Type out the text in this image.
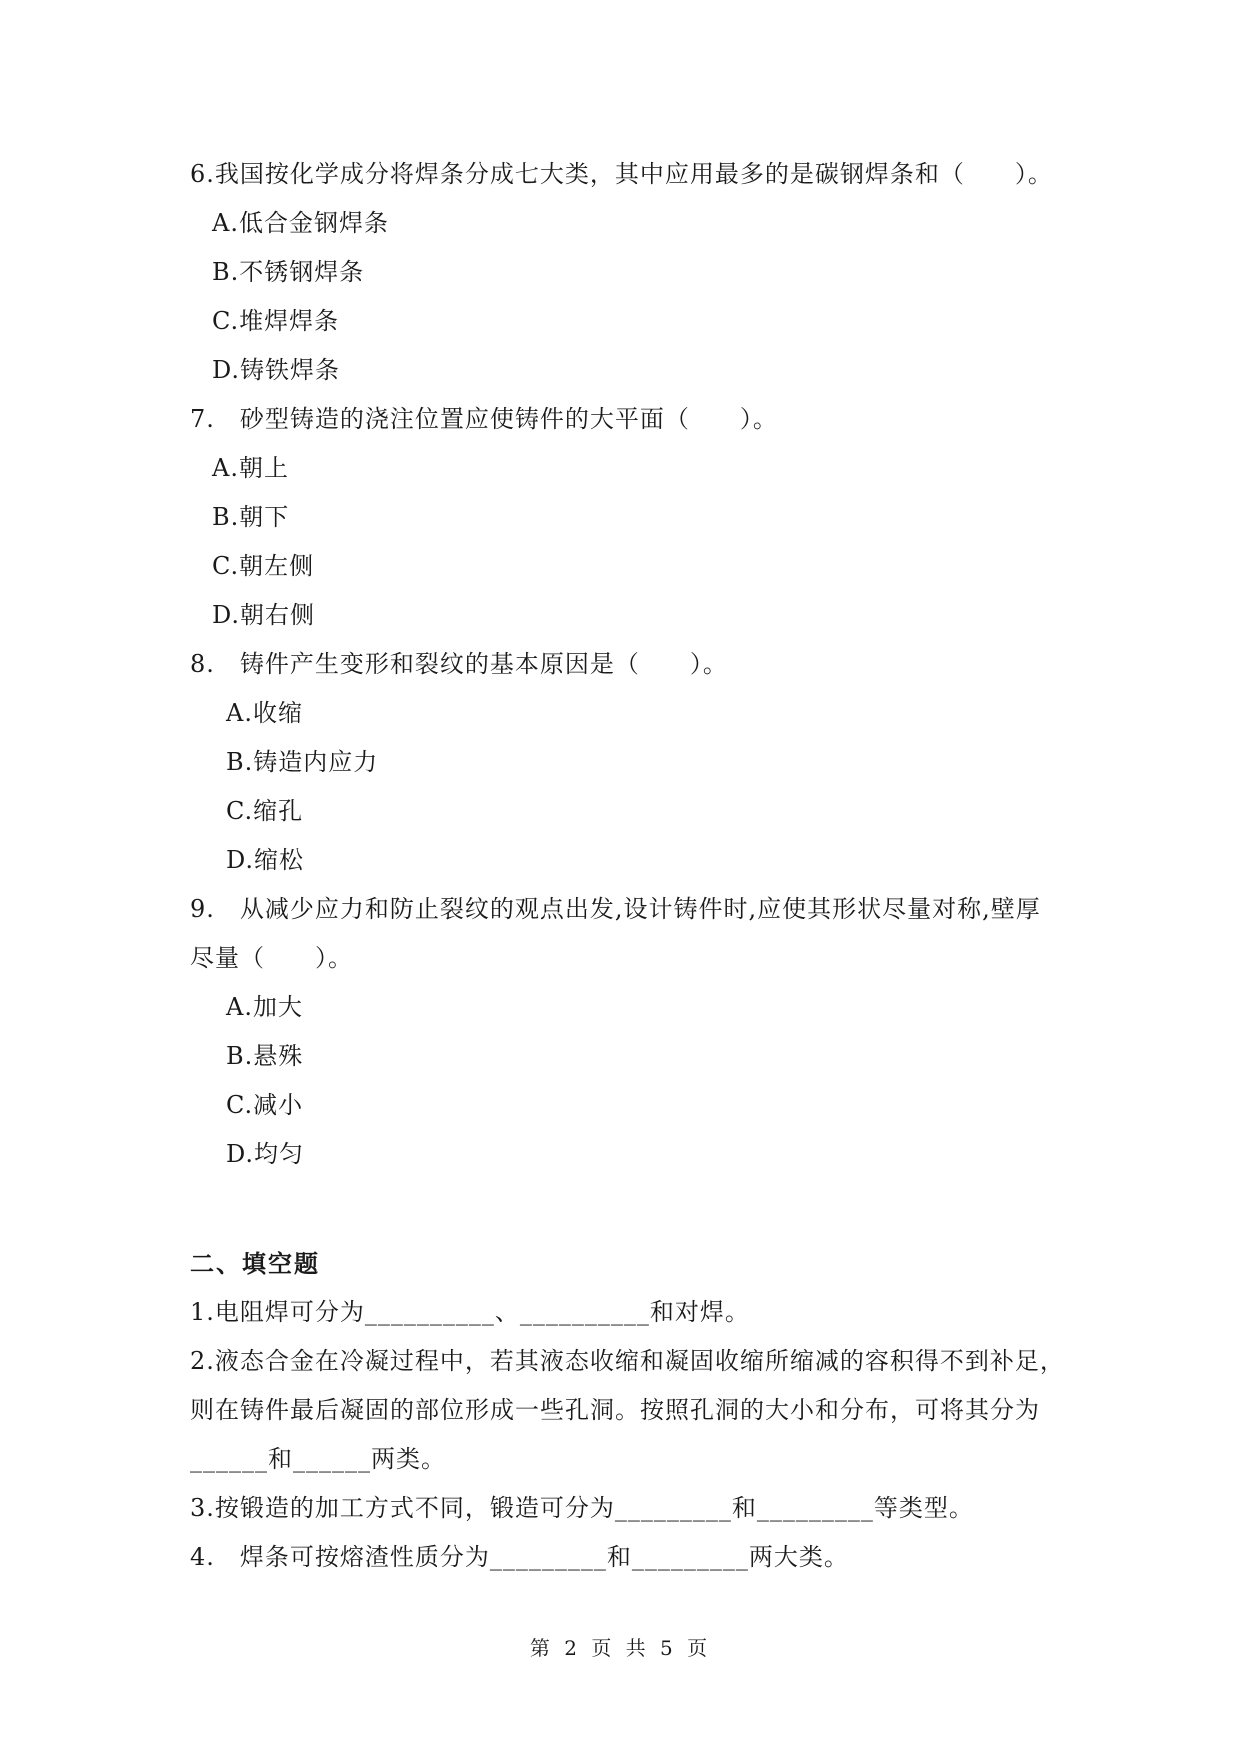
6.我国按化学成分将焊条分成七大类，其中应用最多的是碳钢焊条和（　　）。
A.低合金钢焊条
B.不锈钢焊条
C.堆焊焊条
D.铸铁焊条
7.　砂型铸造的浇注位置应使铸件的大平面（　　）。
A.朝上
B.朝下
C.朝左侧
D.朝右侧
8.　铸件产生变形和裂纹的基本原因是（　　）。
A.收缩
B.铸造内应力
C.缩孔
D.缩松
9.　从减少应力和防止裂纹的观点出发,设计铸件时,应使其形状尽量对称,壁厚
尽量（　　）。
A.加大
B.悬殊
C.减小
D.均匀
二、填空题
1.电阻焊可分为__________、__________和对焊。
2.液态合金在冷凝过程中，若其液态收缩和凝固收缩所缩减的容积得不到补足，
则在铸件最后凝固的部位形成一些孔洞。按照孔洞的大小和分布，可将其分为
______和______两类。
3.按锻造的加工方式不同，锻造可分为_________和_________等类型。
4.　焊条可按熔渣性质分为_________和_________两大类。
第 2 页 共 5 页
